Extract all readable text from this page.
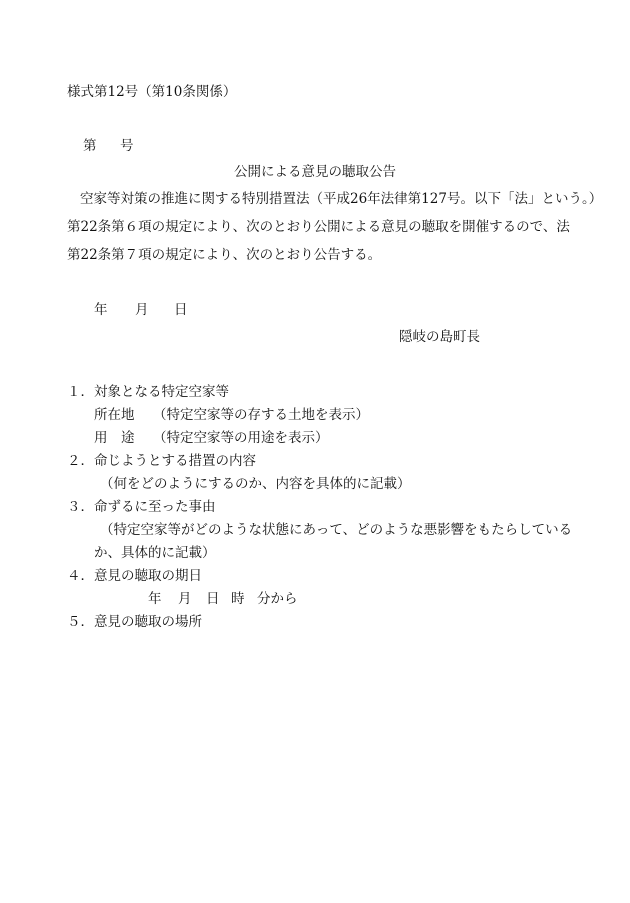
様式第12号（第10条関係）
第 号
公開による意見の聴取公告
空家等対策の推進に関する特別措置法（平成26年法律第127号。以下「法」という。）
第22条第６項の規定により、次のとおり公開による意見の聴取を開催するので、法
第22条第７項の規定により、次のとおり公告する。
年 月 日
隠岐の島町長
１． 対象となる特定空家等
所在地 （特定空家等の存する土地を表示）
用　途 （特定空家等の用途を表示）
２． 命じようとする措置の内容
（何をどのようにするのか、内容を具体的に記載）
３． 命ずるに至った事由
（特定空家等がどのような状態にあって、どのような悪影響をもたらしている
か、具体的に記載）
４． 意見の聴取の期日
年 月 日 時 分から
５． 意見の聴取の場所
